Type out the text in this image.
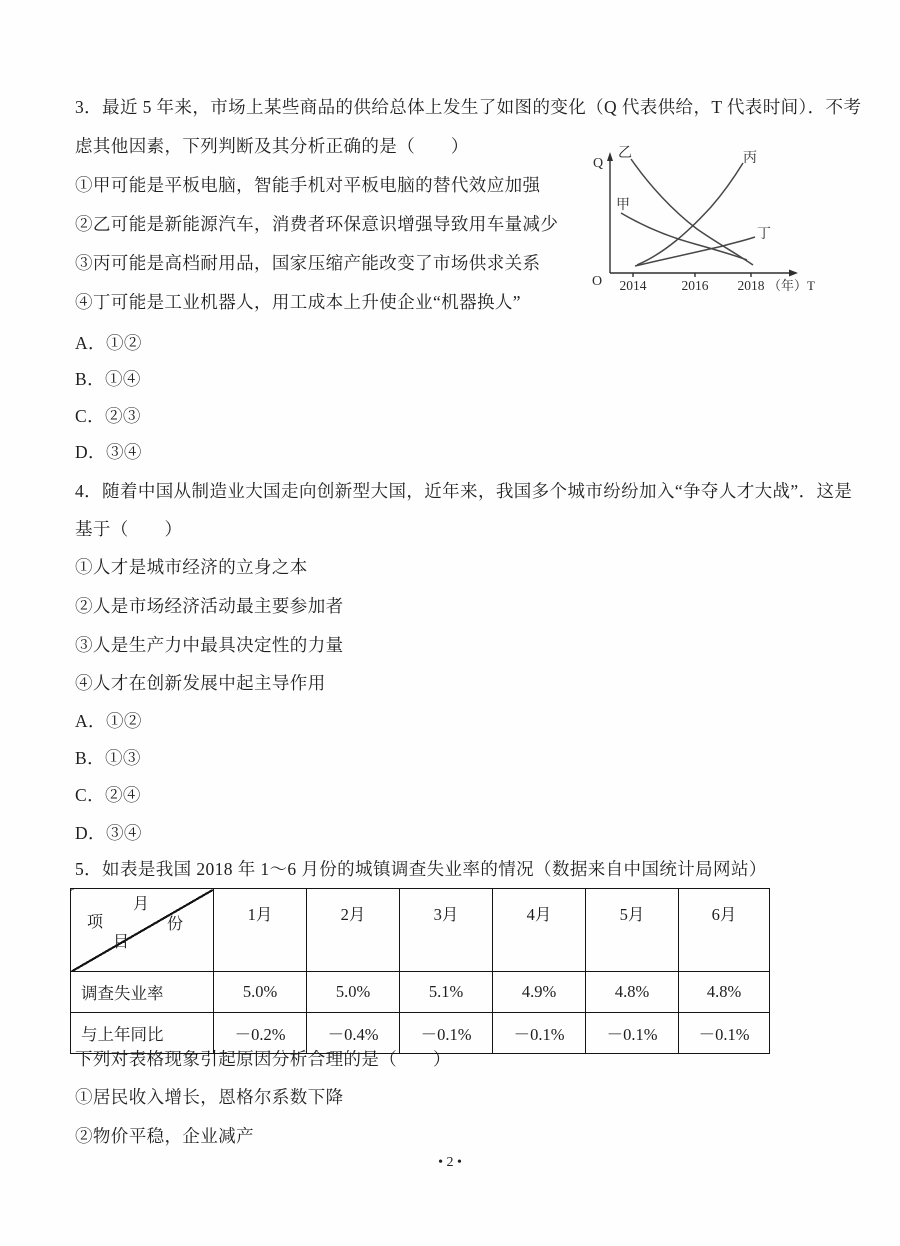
3．最近 5 年来，市场上某些商品的供给总体上发生了如图的变化（Q 代表供给，T 代表时间）．不考
虑其他因素，下列判断及其分析正确的是（　　）
①甲可能是平板电脑，智能手机对平板电脑的替代效应加强
②乙可能是新能源汽车，消费者环保意识增强导致用车量减少
③丙可能是高档耐用品，国家压缩产能改变了市场供求关系
④丁可能是工业机器人，用工成本上升使企业“机器换人”
A．①②
B．①④
C．②③
D．③④
Q
O
乙
甲
丙
丁
2014	2016 2018 （年）T
4．随着中国从制造业大国走向创新型大国，近年来，我国多个城市纷纷加入“争夺人才大战”．这是
基于（　　）
①人才是城市经济的立身之本
②人是市场经济活动最主要参加者
③人是生产力中最具决定性的力量
④人才在创新发展中起主导作用
A．①②
B．①③
C．②④
D．③④
5．如表是我国 2018 年 1～6 月份的城镇调查失业率的情况（数据来自中国统计局网站）
月
份
项
目	1月	2月	3月	4月	5月	6月
调查失业率	5.0%	5.0%	5.1%	4.9%	4.8%	4.8%
与上年同比	－0.2%	－0.4%	－0.1%	－0.1%	－0.1%	－0.1%
下列对表格现象引起原因分析合理的是（　　）
①居民收入增长，恩格尔系数下降
②物价平稳，企业减产
• 2 •
